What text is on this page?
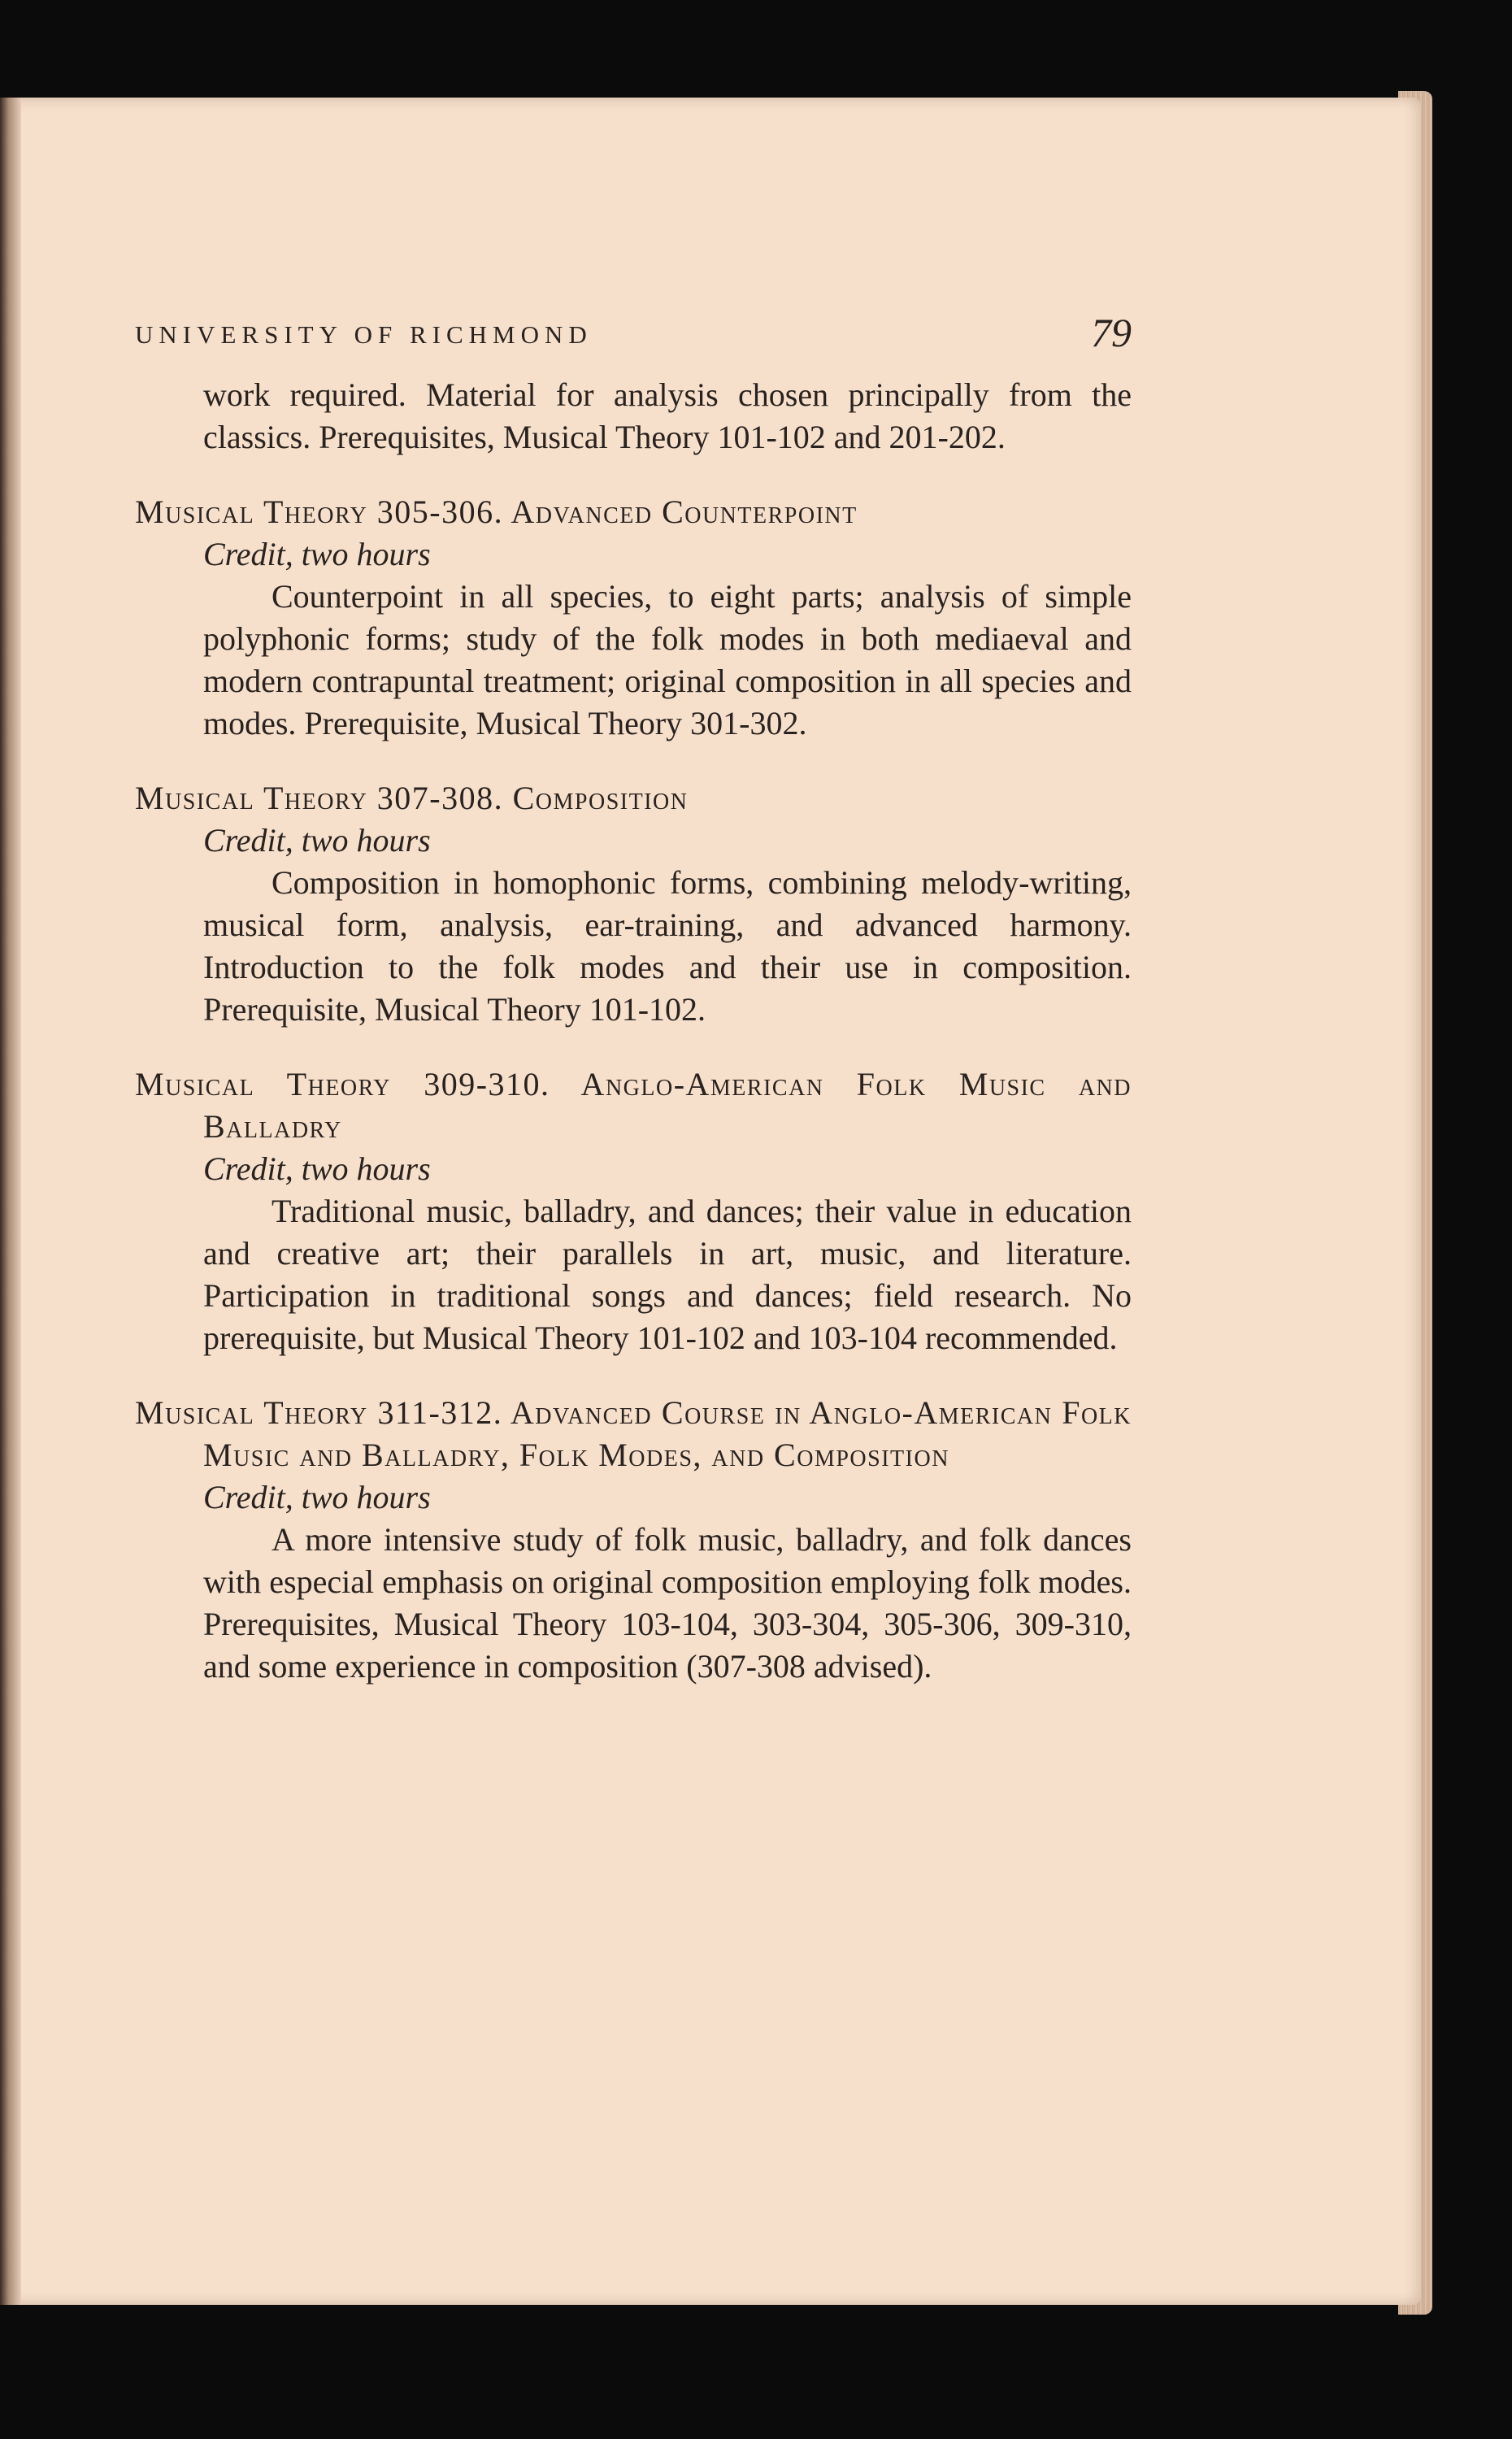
UNIVERSITY OF RICHMOND	79

work required. Material for analysis chosen principally from the classics. Prerequisites, Musical Theory 101-102 and 201-202.

Musical Theory 305-306. Advanced Counterpoint

Credit, two hours

Counterpoint in all species, to eight parts; analysis of simple polyphonic forms; study of the folk modes in both mediaeval and modern contrapuntal treatment; original composition in all species and modes. Prerequisite, Musical Theory 301-302.

Musical Theory 307-308. Composition

Credit, two hours

Composition in homophonic forms, combining melody-writing, musical form, analysis, ear-training, and advanced harmony. Introduction to the folk modes and their use in composition. Prerequisite, Musical Theory 101-102.

Musical Theory 309-310. Anglo-American Folk Music and Balladry

Credit, two hours

Traditional music, balladry, and dances; their value in education and creative art; their parallels in art, music, and literature. Participation in traditional songs and dances; field research. No prerequisite, but Musical Theory 101-102 and 103-104 recommended.

Musical Theory 311-312. Advanced Course in Anglo-American Folk Music and Balladry, Folk Modes, and Composition

Credit, two hours

A more intensive study of folk music, balladry, and folk dances with especial emphasis on original composition employing folk modes. Prerequisites, Musical Theory 103-104, 303-304, 305-306, 309-310, and some experience in composition (307-308 advised).
